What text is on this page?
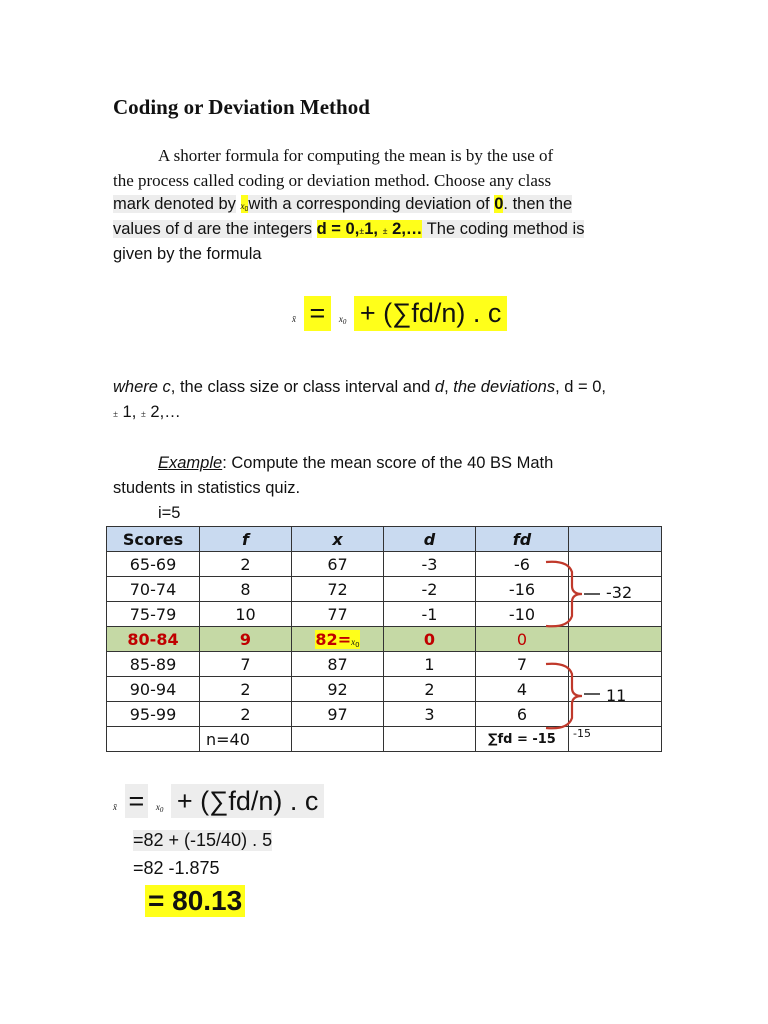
Coding or Deviation Method
A shorter formula for computing the mean is by the use of
the process called coding or deviation method. Choose any class
mark denoted by x0with a corresponding deviation of 0. then the
values of d are the integers d = 0,±1, ± 2,… The coding method is
given by the formula
x̄ = $x_0 + (\sum fd/n)$ . c
where c, the class size or class interval and d, the deviations, d = 0,
± 1, ± 2,…
Example: Compute the mean score of the 40 BS Math
students in statistics quiz.
i=5
Scores	f	x	d	fd	
65-69	2	67	-3	-6	
70-74	8	72	-2	-16	
75-79	10	77	-1	-10	
80-84	9	82=x0	0	0	
85-89	7	87	1	7	
90-94	2	92	2	4	
95-99	2	97	3	6	
	n=40			∑fd = -15	-15
-32
11
x̄ = $x_0 + (\sum fd/n)$ . c
=82 + (-15/40) . 5
=82 -1.875
= 80.13
